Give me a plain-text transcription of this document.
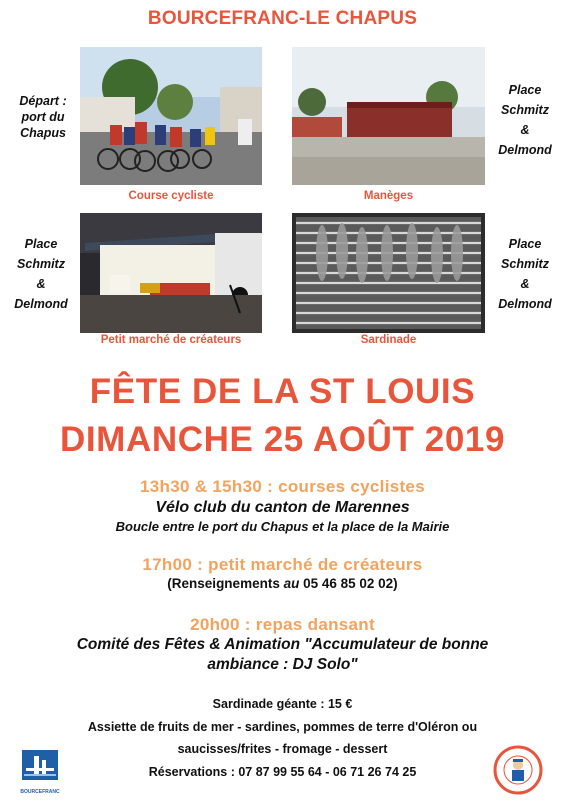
BOURCEFRANC-LE CHAPUS
Course cycliste	Manèges
Petit marché de créateurs	Sardinade
Départ :
port du
Chapus
Place
Schmitz
&
Delmond
Place
Schmitz
&
Delmond
Place
Schmitz
&
Delmond
FÊTE DE LA ST LOUIS
DIMANCHE 25 AOÛT 2019
13h30 & 15h30 : courses cyclistes
Vélo club du canton de Marennes
Boucle entre le port du Chapus et la place de la Mairie
17h00 : petit marché de créateurs
(Renseignements au 05 46 85 02 02)
20h00 : repas dansant
Comité des Fêtes & Animation "Accumulateur de bonne
ambiance : DJ Solo"
Sardinade géante : 15 €
Assiette de fruits de mer - sardines, pommes de terre d'Oléron ou
saucisses/frites - fromage - dessert
Réservations : 07 87 99 55 64 - 06 71 26 74 25
BOURCEFRANC
